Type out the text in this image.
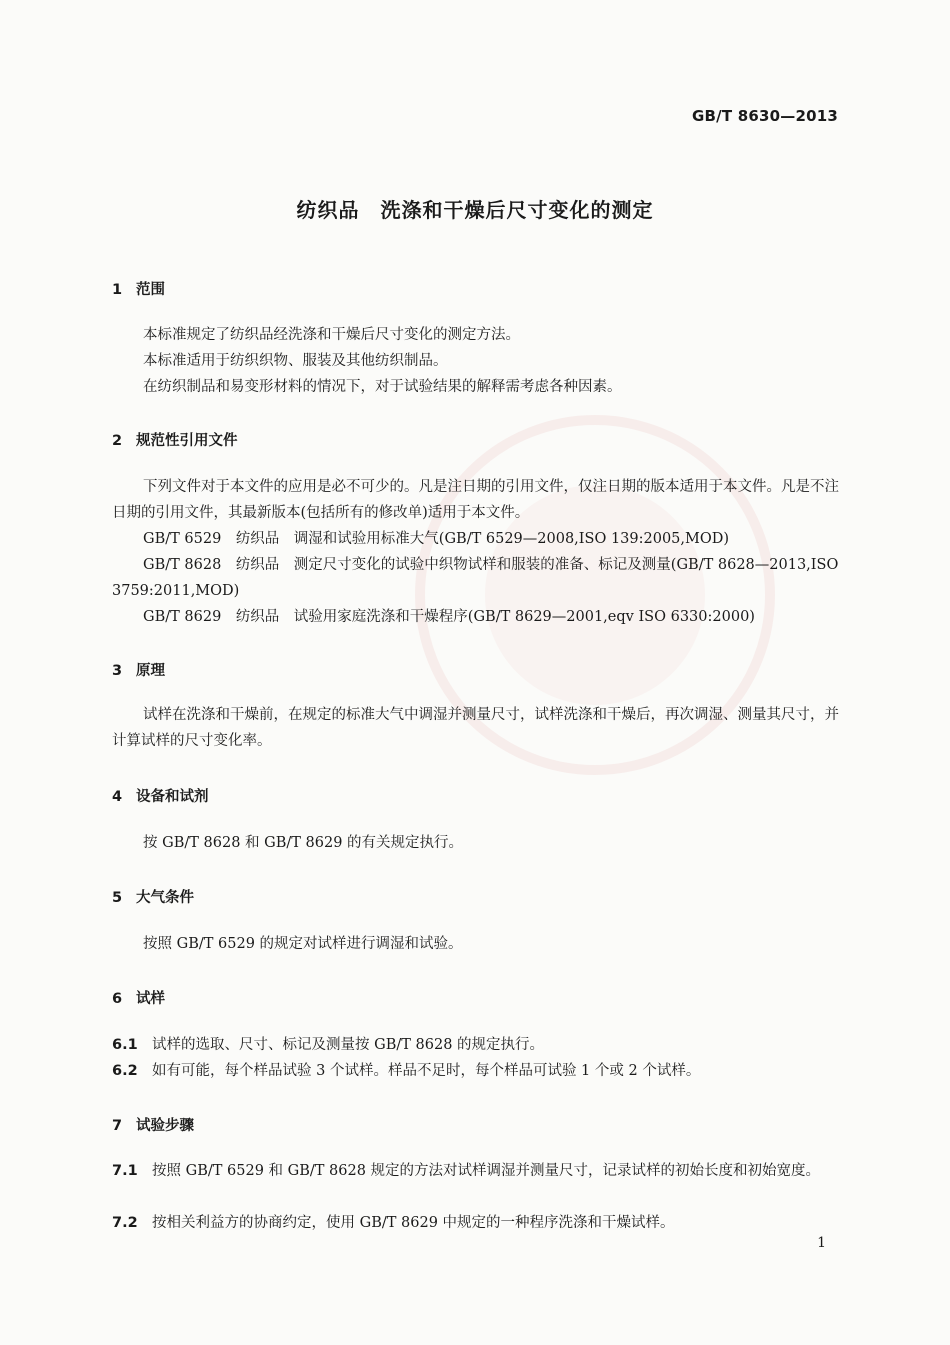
GB/T 8630—2013
纺织品　洗涤和干燥后尺寸变化的测定
1 范围
本标准规定了纺织品经洗涤和干燥后尺寸变化的测定方法。
本标准适用于纺织织物、服装及其他纺织制品。
在纺织制品和易变形材料的情况下，对于试验结果的解释需考虑各种因素。
2 规范性引用文件
下列文件对于本文件的应用是必不可少的。凡是注日期的引用文件，仅注日期的版本适用于本文件。凡是不注日期的引用文件，其最新版本(包括所有的修改单)适用于本文件。
GB/T 6529　 纺织品　调湿和试验用标准大气(GB/T 6529—2008,ISO 139:2005,MOD)
GB/T 8628　 纺织品　测定尺寸变化的试验中织物试样和服装的准备、标记及测量(GB/T 8628—2013,ISO 3759:2011,MOD)
GB/T 8629　 纺织品　试验用家庭洗涤和干燥程序(GB/T 8629—2001,eqv ISO 6330:2000)
3 原理
试样在洗涤和干燥前，在规定的标准大气中调湿并测量尺寸，试样洗涤和干燥后，再次调湿、测量其尺寸，并计算试样的尺寸变化率。
4 设备和试剂
按 GB/T 8628 和 GB/T 8629 的有关规定执行。
5 大气条件
按照 GB/T 6529 的规定对试样进行调湿和试验。
6 试样
6.1 试样的选取、尺寸、标记及测量按 GB/T 8628 的规定执行。
6.2 如有可能，每个样品试验 3 个试样。样品不足时，每个样品可试验 1 个或 2 个试样。
7 试验步骤
7.1 按照 GB/T 6529 和 GB/T 8628 规定的方法对试样调湿并测量尺寸，记录试样的初始长度和初始宽度。
7.2 按相关利益方的协商约定，使用 GB/T 8629 中规定的一种程序洗涤和干燥试样。
1
